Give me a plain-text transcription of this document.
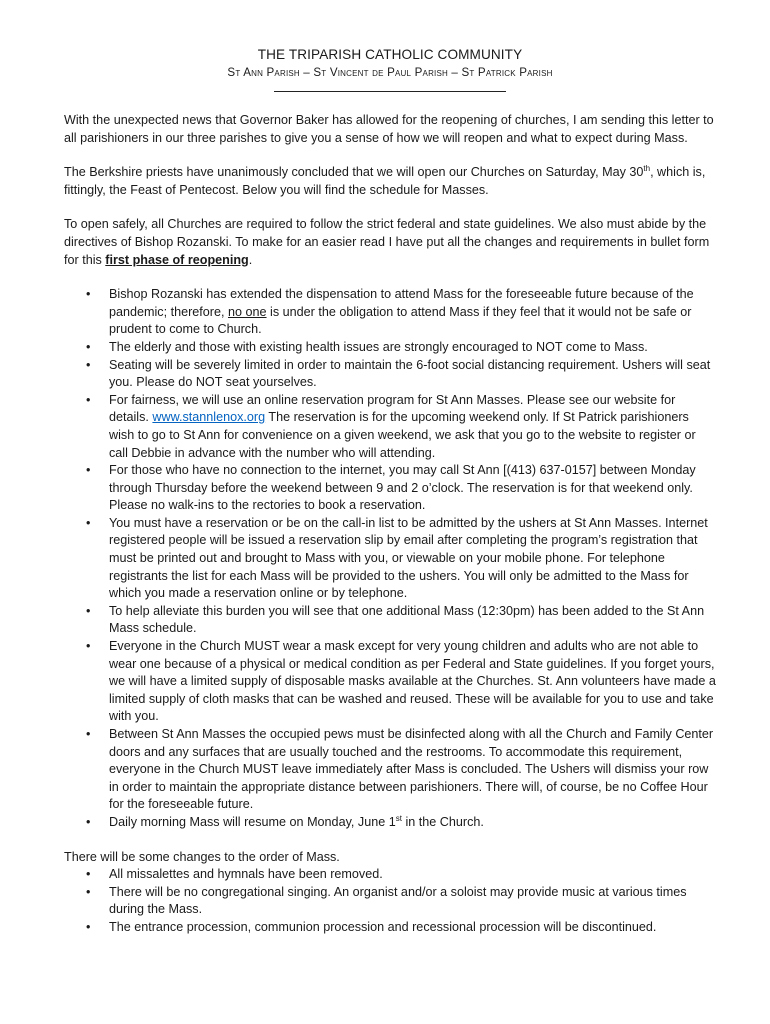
THE TRIPARISH CATHOLIC COMMUNITY
St Ann Parish – St Vincent de Paul Parish – St Patrick Parish

With the unexpected news that Governor Baker has allowed for the reopening of churches, I am sending this letter to all parishioners in our three parishes to give you a sense of how we will reopen and what to expect during Mass.

The Berkshire priests have unanimously concluded that we will open our Churches on Saturday, May 30th, which is, fittingly, the Feast of Pentecost. Below you will find the schedule for Masses.

To open safely, all Churches are required to follow the strict federal and state guidelines. We also must abide by the directives of Bishop Rozanski. To make for an easier read I have put all the changes and requirements in bullet form for this first phase of reopening.

• Bishop Rozanski has extended the dispensation to attend Mass for the foreseeable future because of the pandemic; therefore, no one is under the obligation to attend Mass if they feel that it would not be safe or prudent to come to Church.
• The elderly and those with existing health issues are strongly encouraged to NOT come to Mass.
• Seating will be severely limited in order to maintain the 6-foot social distancing requirement. Ushers will seat you. Please do NOT seat yourselves.
• For fairness, we will use an online reservation program for St Ann Masses. Please see our website for details. www.stannlenox.org The reservation is for the upcoming weekend only. If St Patrick parishioners wish to go to St Ann for convenience on a given weekend, we ask that you go to the website to register or call Debbie in advance with the number who will attending.
• For those who have no connection to the internet, you may call St Ann [(413) 637-0157] between Monday through Thursday before the weekend between 9 and 2 o’clock. The reservation is for that weekend only. Please no walk-ins to the rectories to book a reservation.
• You must have a reservation or be on the call-in list to be admitted by the ushers at St Ann Masses. Internet registered people will be issued a reservation slip by email after completing the program’s registration that must be printed out and brought to Mass with you, or viewable on your mobile phone. For telephone registrants the list for each Mass will be provided to the ushers. You will only be admitted to the Mass for which you made a reservation online or by telephone.
• To help alleviate this burden you will see that one additional Mass (12:30pm) has been added to the St Ann Mass schedule.
• Everyone in the Church MUST wear a mask except for very young children and adults who are not able to wear one because of a physical or medical condition as per Federal and State guidelines. If you forget yours, we will have a limited supply of disposable masks available at the Churches. St. Ann volunteers have made a limited supply of cloth masks that can be washed and reused. These will be available for you to use and take with you.
• Between St Ann Masses the occupied pews must be disinfected along with all the Church and Family Center doors and any surfaces that are usually touched and the restrooms. To accommodate this requirement, everyone in the Church MUST leave immediately after Mass is concluded. The Ushers will dismiss your row in order to maintain the appropriate distance between parishioners. There will, of course, be no Coffee Hour for the foreseeable future.
• Daily morning Mass will resume on Monday, June 1st in the Church.

There will be some changes to the order of Mass.

• All missalettes and hymnals have been removed.
• There will be no congregational singing. An organist and/or a soloist may provide music at various times during the Mass.
• The entrance procession, communion procession and recessional procession will be discontinued.
